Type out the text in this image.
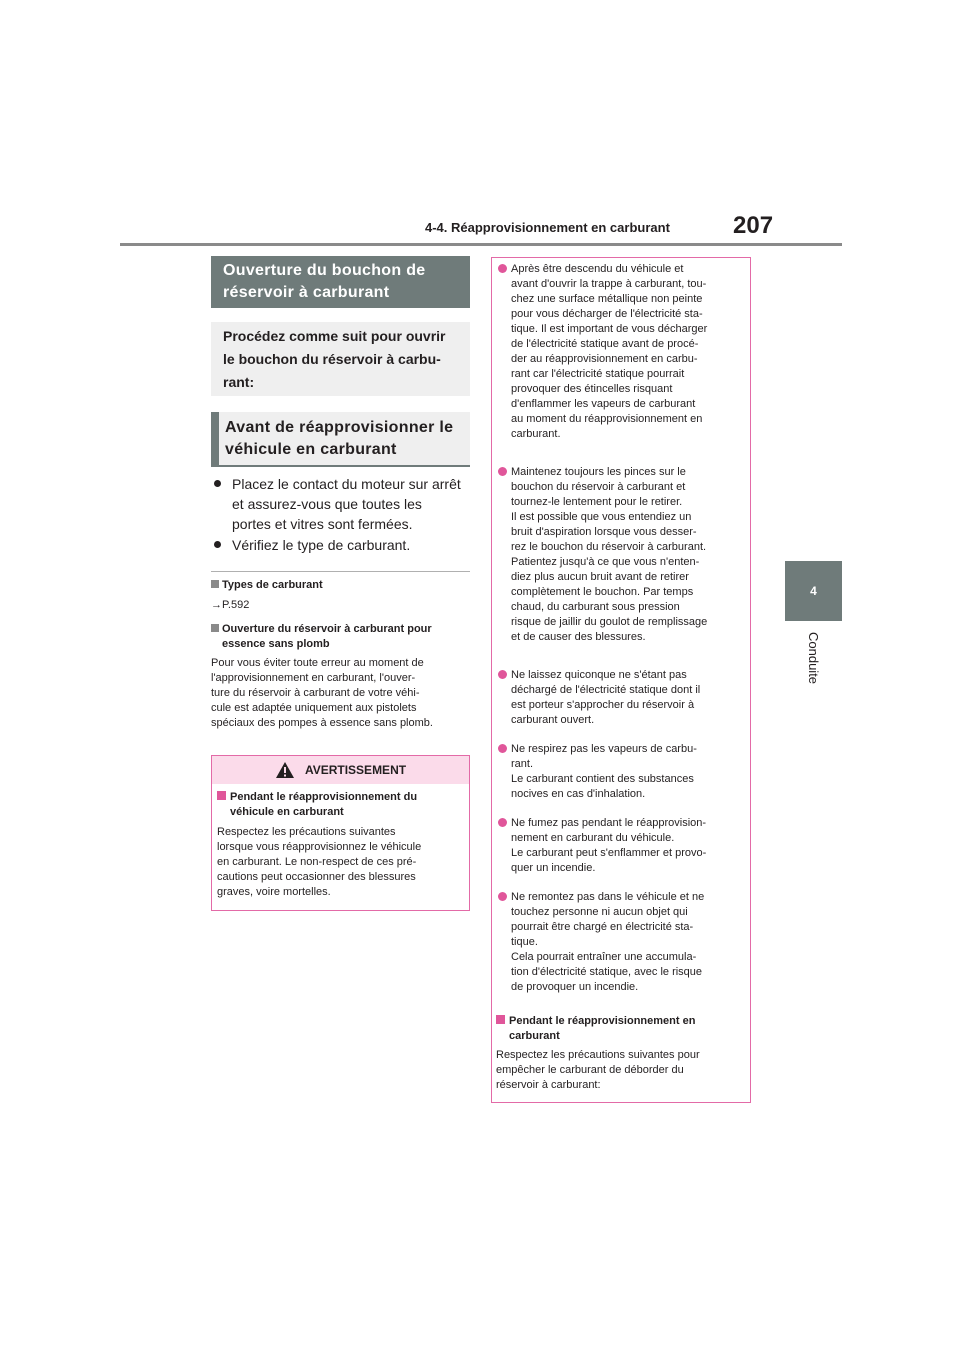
4-4. Réapprovisionnement en carburant	207
4
Conduite
Ouverture du bouchon de
réservoir à carburant
Procédez comme suit pour ouvrir
le bouchon du réservoir à carbu-
rant:
Avant de réapprovisionner le
véhicule en carburant
Placez le contact du moteur sur arrêt
et assurez-vous que toutes les
portes et vitres sont fermées.
Vérifiez le type de carburant.
Types de carburant
→P.592
Ouverture du réservoir à carburant pour
essence sans plomb
Pour vous éviter toute erreur au moment de
l'approvisionnement en carburant, l'ouver-
ture du réservoir à carburant de votre véhi-
cule est adaptée uniquement aux pistolets
spéciaux des pompes à essence sans plomb.
AVERTISSEMENT
Pendant le réapprovisionnement du
véhicule en carburant
Respectez les précautions suivantes
lorsque vous réapprovisionnez le véhicule
en carburant. Le non-respect de ces pré-
cautions peut occasionner des blessures
graves, voire mortelles.
Après être descendu du véhicule et
avant d'ouvrir la trappe à carburant, tou-
chez une surface métallique non peinte
pour vous décharger de l'électricité sta-
tique. Il est important de vous décharger
de l'électricité statique avant de procé-
der au réapprovisionnement en carbu-
rant car l'électricité statique pourrait
provoquer des étincelles risquant
d'enflammer les vapeurs de carburant
au moment du réapprovisionnement en
carburant.
Maintenez toujours les pinces sur le
bouchon du réservoir à carburant et
tournez-le lentement pour le retirer.
Il est possible que vous entendiez un
bruit d'aspiration lorsque vous desser-
rez le bouchon du réservoir à carburant.
Patientez jusqu'à ce que vous n'enten-
diez plus aucun bruit avant de retirer
complètement le bouchon. Par temps
chaud, du carburant sous pression
risque de jaillir du goulot de remplissage
et de causer des blessures.
Ne laissez quiconque ne s'étant pas
déchargé de l'électricité statique dont il
est porteur s'approcher du réservoir à
carburant ouvert.
Ne respirez pas les vapeurs de carbu-
rant.
Le carburant contient des substances
nocives en cas d'inhalation.
Ne fumez pas pendant le réapprovision-
nement en carburant du véhicule.
Le carburant peut s'enflammer et provo-
quer un incendie.
Ne remontez pas dans le véhicule et ne
touchez personne ni aucun objet qui
pourrait être chargé en électricité sta-
tique.
Cela pourrait entraîner une accumula-
tion d'électricité statique, avec le risque
de provoquer un incendie.
Pendant le réapprovisionnement en
carburant
Respectez les précautions suivantes pour
empêcher le carburant de déborder du
réservoir à carburant:
